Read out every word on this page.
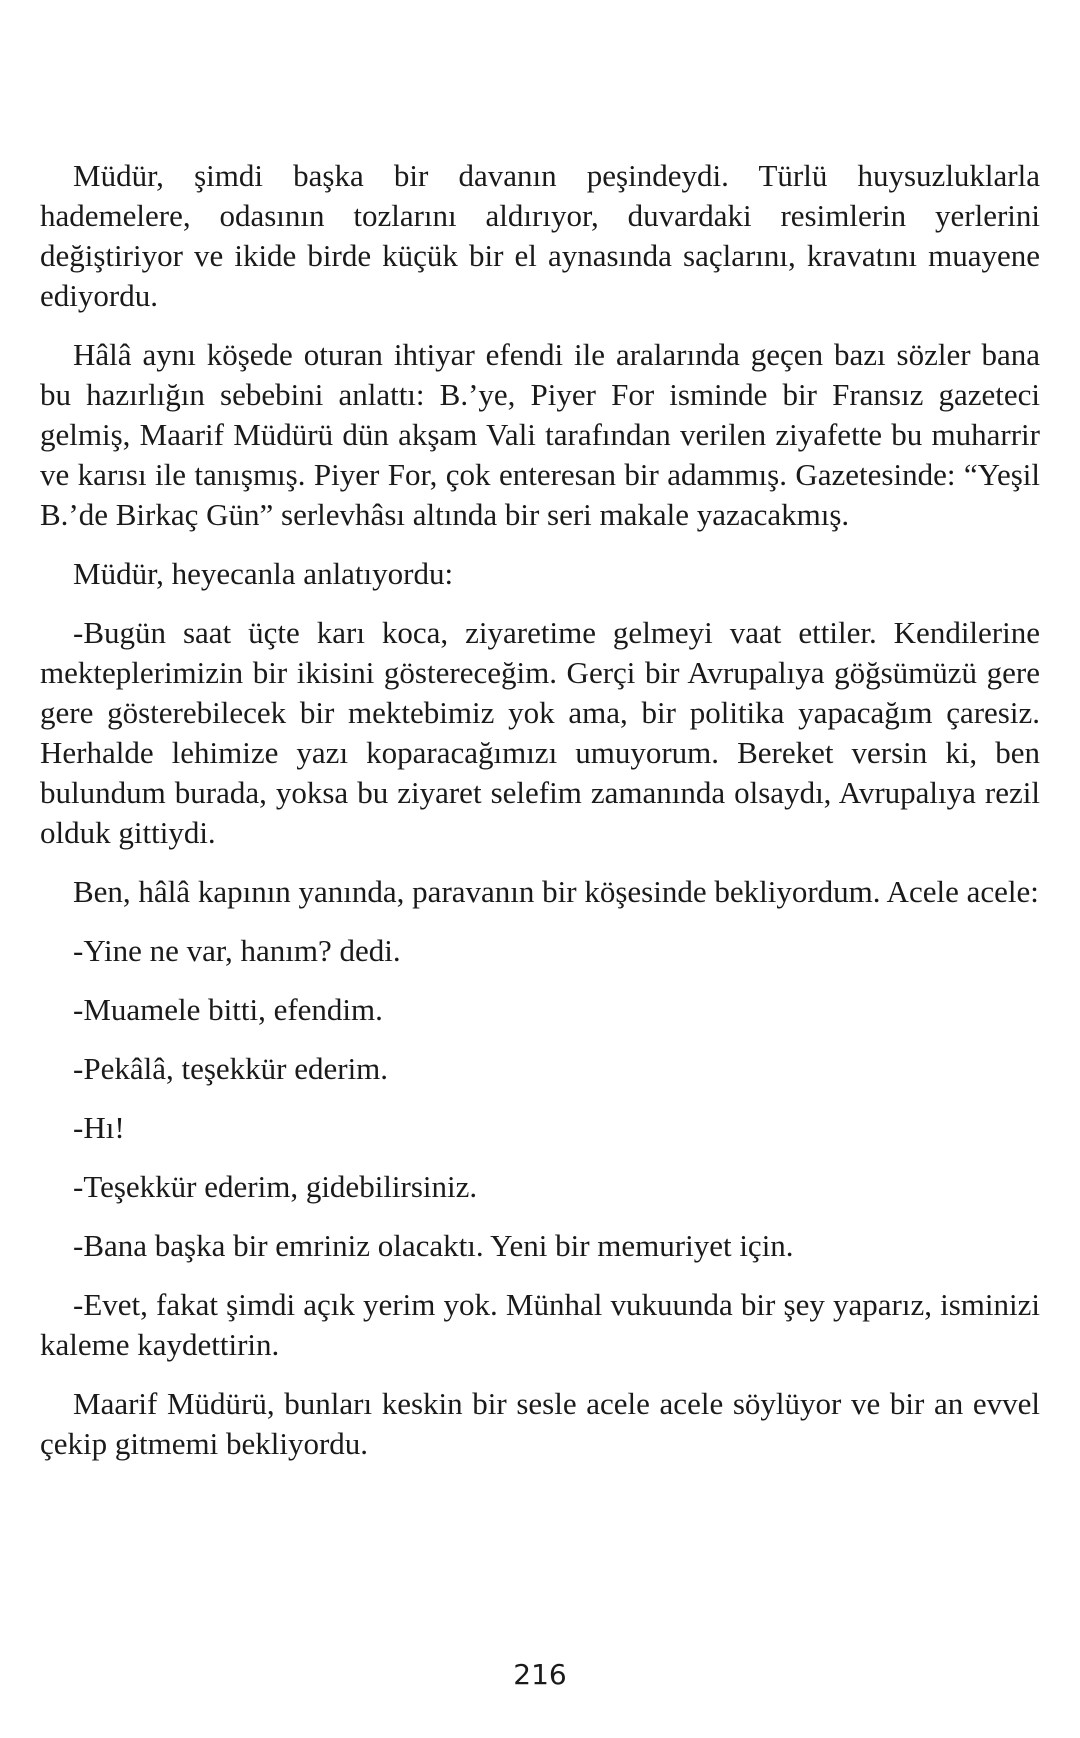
Müdür, şimdi başka bir davanın peşindeydi. Türlü huysuzluklarla hademelere, odasının tozlarını aldırıyor, duvardaki resimlerin yerlerini değiştiriyor ve ikide birde küçük bir el aynasında saçlarını, kravatını muayene ediyordu.

Hâlâ aynı köşede oturan ihtiyar efendi ile aralarında geçen bazı sözler bana bu hazırlığın sebebini anlattı: B.’ye, Piyer For isminde bir Fransız gazeteci gelmiş, Maarif Müdürü dün akşam Vali tarafından verilen ziyafette bu muharrir ve karısı ile tanışmış. Piyer For, çok enteresan bir adammış. Gazetesinde: “Yeşil B.’de Birkaç Gün” serlevhâsı altında bir seri makale yazacakmış.

Müdür, heyecanla anlatıyordu:

-Bugün saat üçte karı koca, ziyaretime gelmeyi vaat ettiler. Kendilerine mekteplerimizin bir ikisini göstereceğim. Gerçi bir Avrupalıya göğsümüzü gere gere gösterebilecek bir mektebimiz yok ama, bir politika yapacağım çaresiz. Herhalde lehimize yazı koparacağımızı umuyorum. Bereket versin ki, ben bulundum burada, yoksa bu ziyaret selefim zamanında olsaydı, Avrupalıya rezil olduk gittiydi.

Ben, hâlâ kapının yanında, paravanın bir köşesinde bekliyordum. Acele acele:

-Yine ne var, hanım? dedi.

-Muamele bitti, efendim.

-Pekâlâ, teşekkür ederim.

-Hı!

-Teşekkür ederim, gidebilirsiniz.

-Bana başka bir emriniz olacaktı. Yeni bir memuriyet için.

-Evet, fakat şimdi açık yerim yok. Münhal vukuunda bir şey yaparız, isminizi kaleme kaydettirin.

Maarif Müdürü, bunları keskin bir sesle acele acele söylüyor ve bir an evvel çekip gitmemi bekliyordu.

216
